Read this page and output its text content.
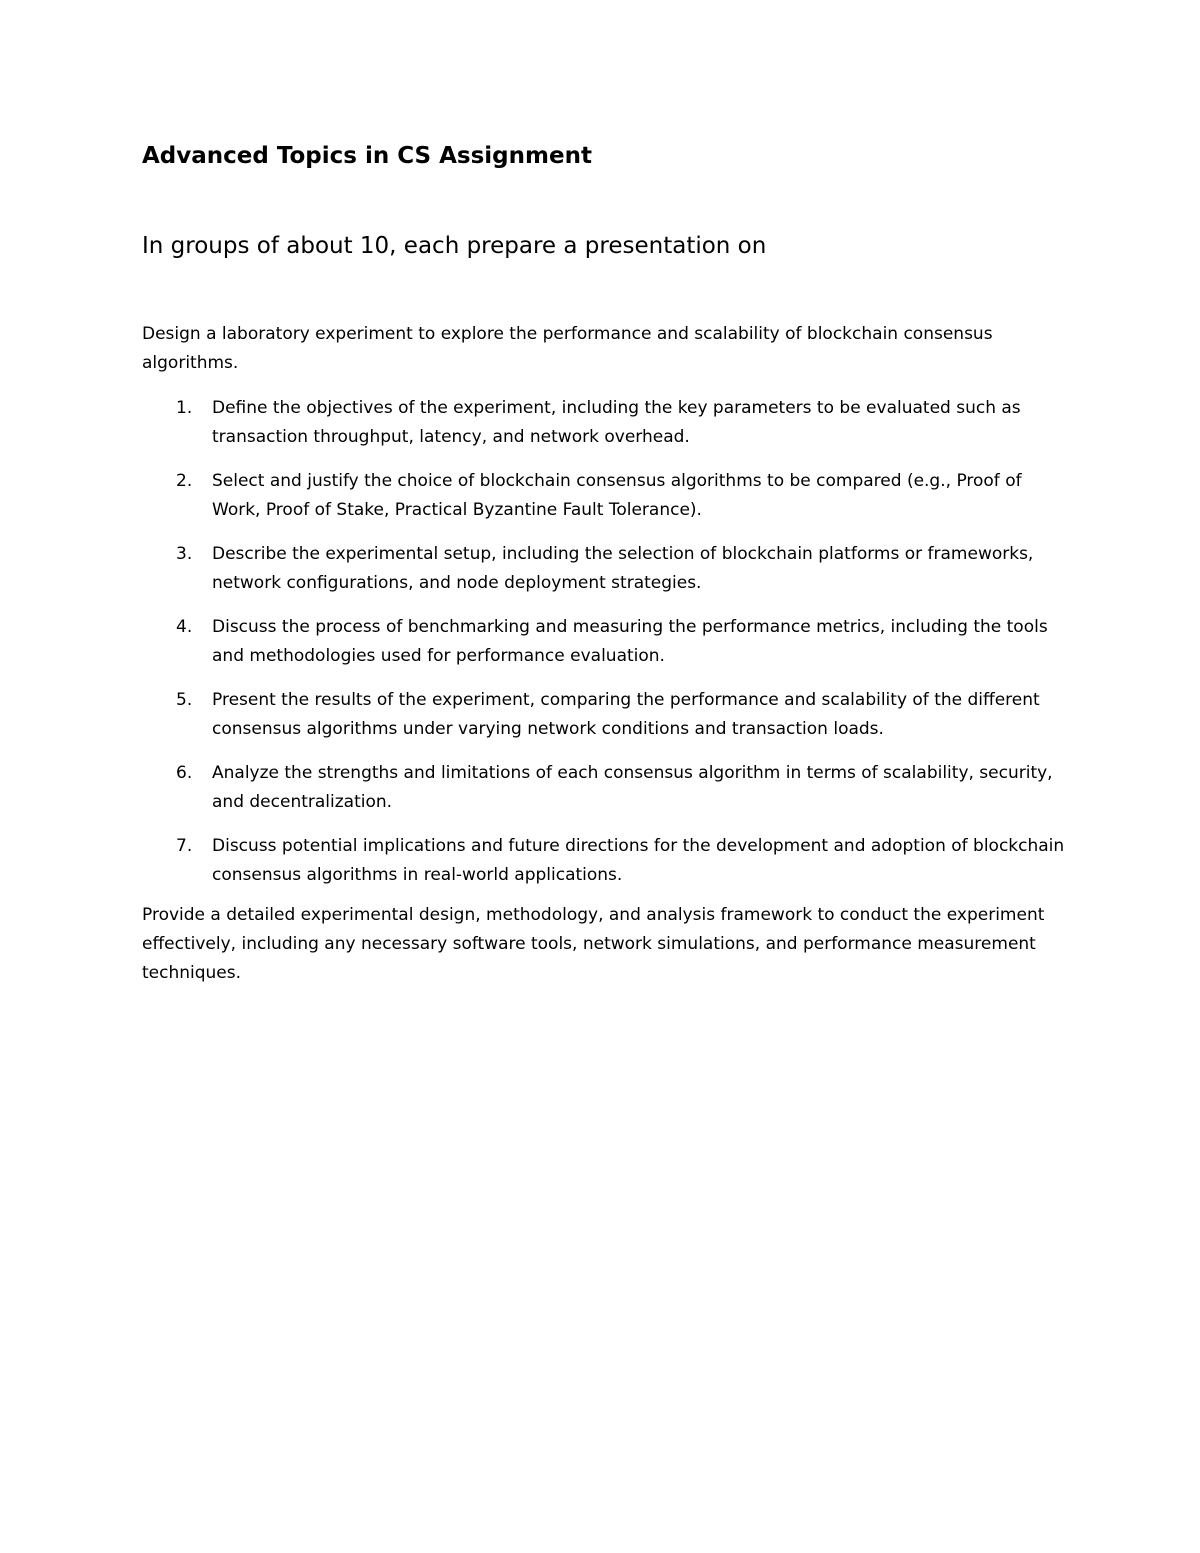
Advanced Topics in CS Assignment
In groups of about 10, each prepare a presentation on

Design a laboratory experiment to explore the performance and scalability of blockchain consensus algorithms.

1. Define the objectives of the experiment, including the key parameters to be evaluated such as transaction throughput, latency, and network overhead.
2. Select and justify the choice of blockchain consensus algorithms to be compared (e.g., Proof of Work, Proof of Stake, Practical Byzantine Fault Tolerance).
3. Describe the experimental setup, including the selection of blockchain platforms or frameworks, network configurations, and node deployment strategies.
4. Discuss the process of benchmarking and measuring the performance metrics, including the tools and methodologies used for performance evaluation.
5. Present the results of the experiment, comparing the performance and scalability of the different consensus algorithms under varying network conditions and transaction loads.
6. Analyze the strengths and limitations of each consensus algorithm in terms of scalability, security, and decentralization.
7. Discuss potential implications and future directions for the development and adoption of blockchain consensus algorithms in real-world applications.

Provide a detailed experimental design, methodology, and analysis framework to conduct the experiment effectively, including any necessary software tools, network simulations, and performance measurement techniques.
